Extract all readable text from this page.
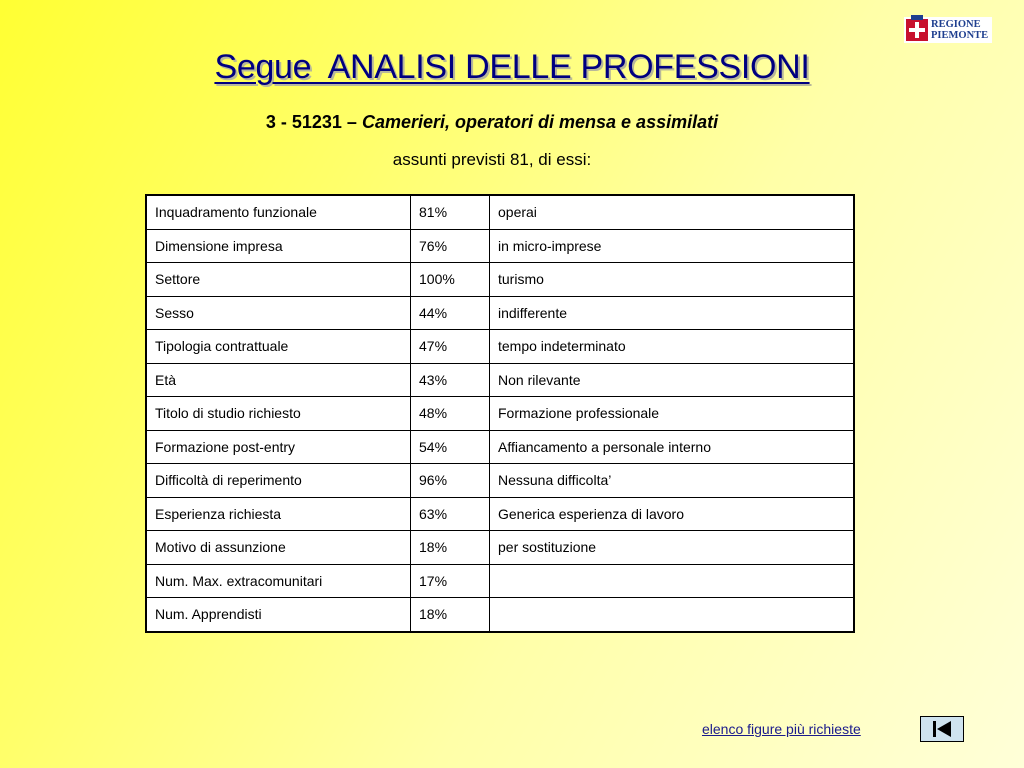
REGIONE
PIEMONTE
Segue  ANALISI DELLE PROFESSIONI
3 - 51231 – Camerieri, operatori di mensa e assimilati
assunti previsti 81, di essi:
Inquadramento funzionale	81%	operai
Dimensione impresa	76%	in micro-imprese
Settore	100%	turismo
Sesso	44%	indifferente
Tipologia contrattuale	47%	tempo indeterminato
Età	43%	Non rilevante
Titolo di studio richiesto	48%	Formazione professionale
Formazione post-entry	54%	Affiancamento a personale interno
Difficoltà di reperimento	96%	Nessuna difficolta’
Esperienza richiesta	63%	Generica esperienza di lavoro
Motivo di assunzione	18%	per sostituzione
Num. Max. extracomunitari	17%	
Num. Apprendisti	18%	
elenco figure più richieste
